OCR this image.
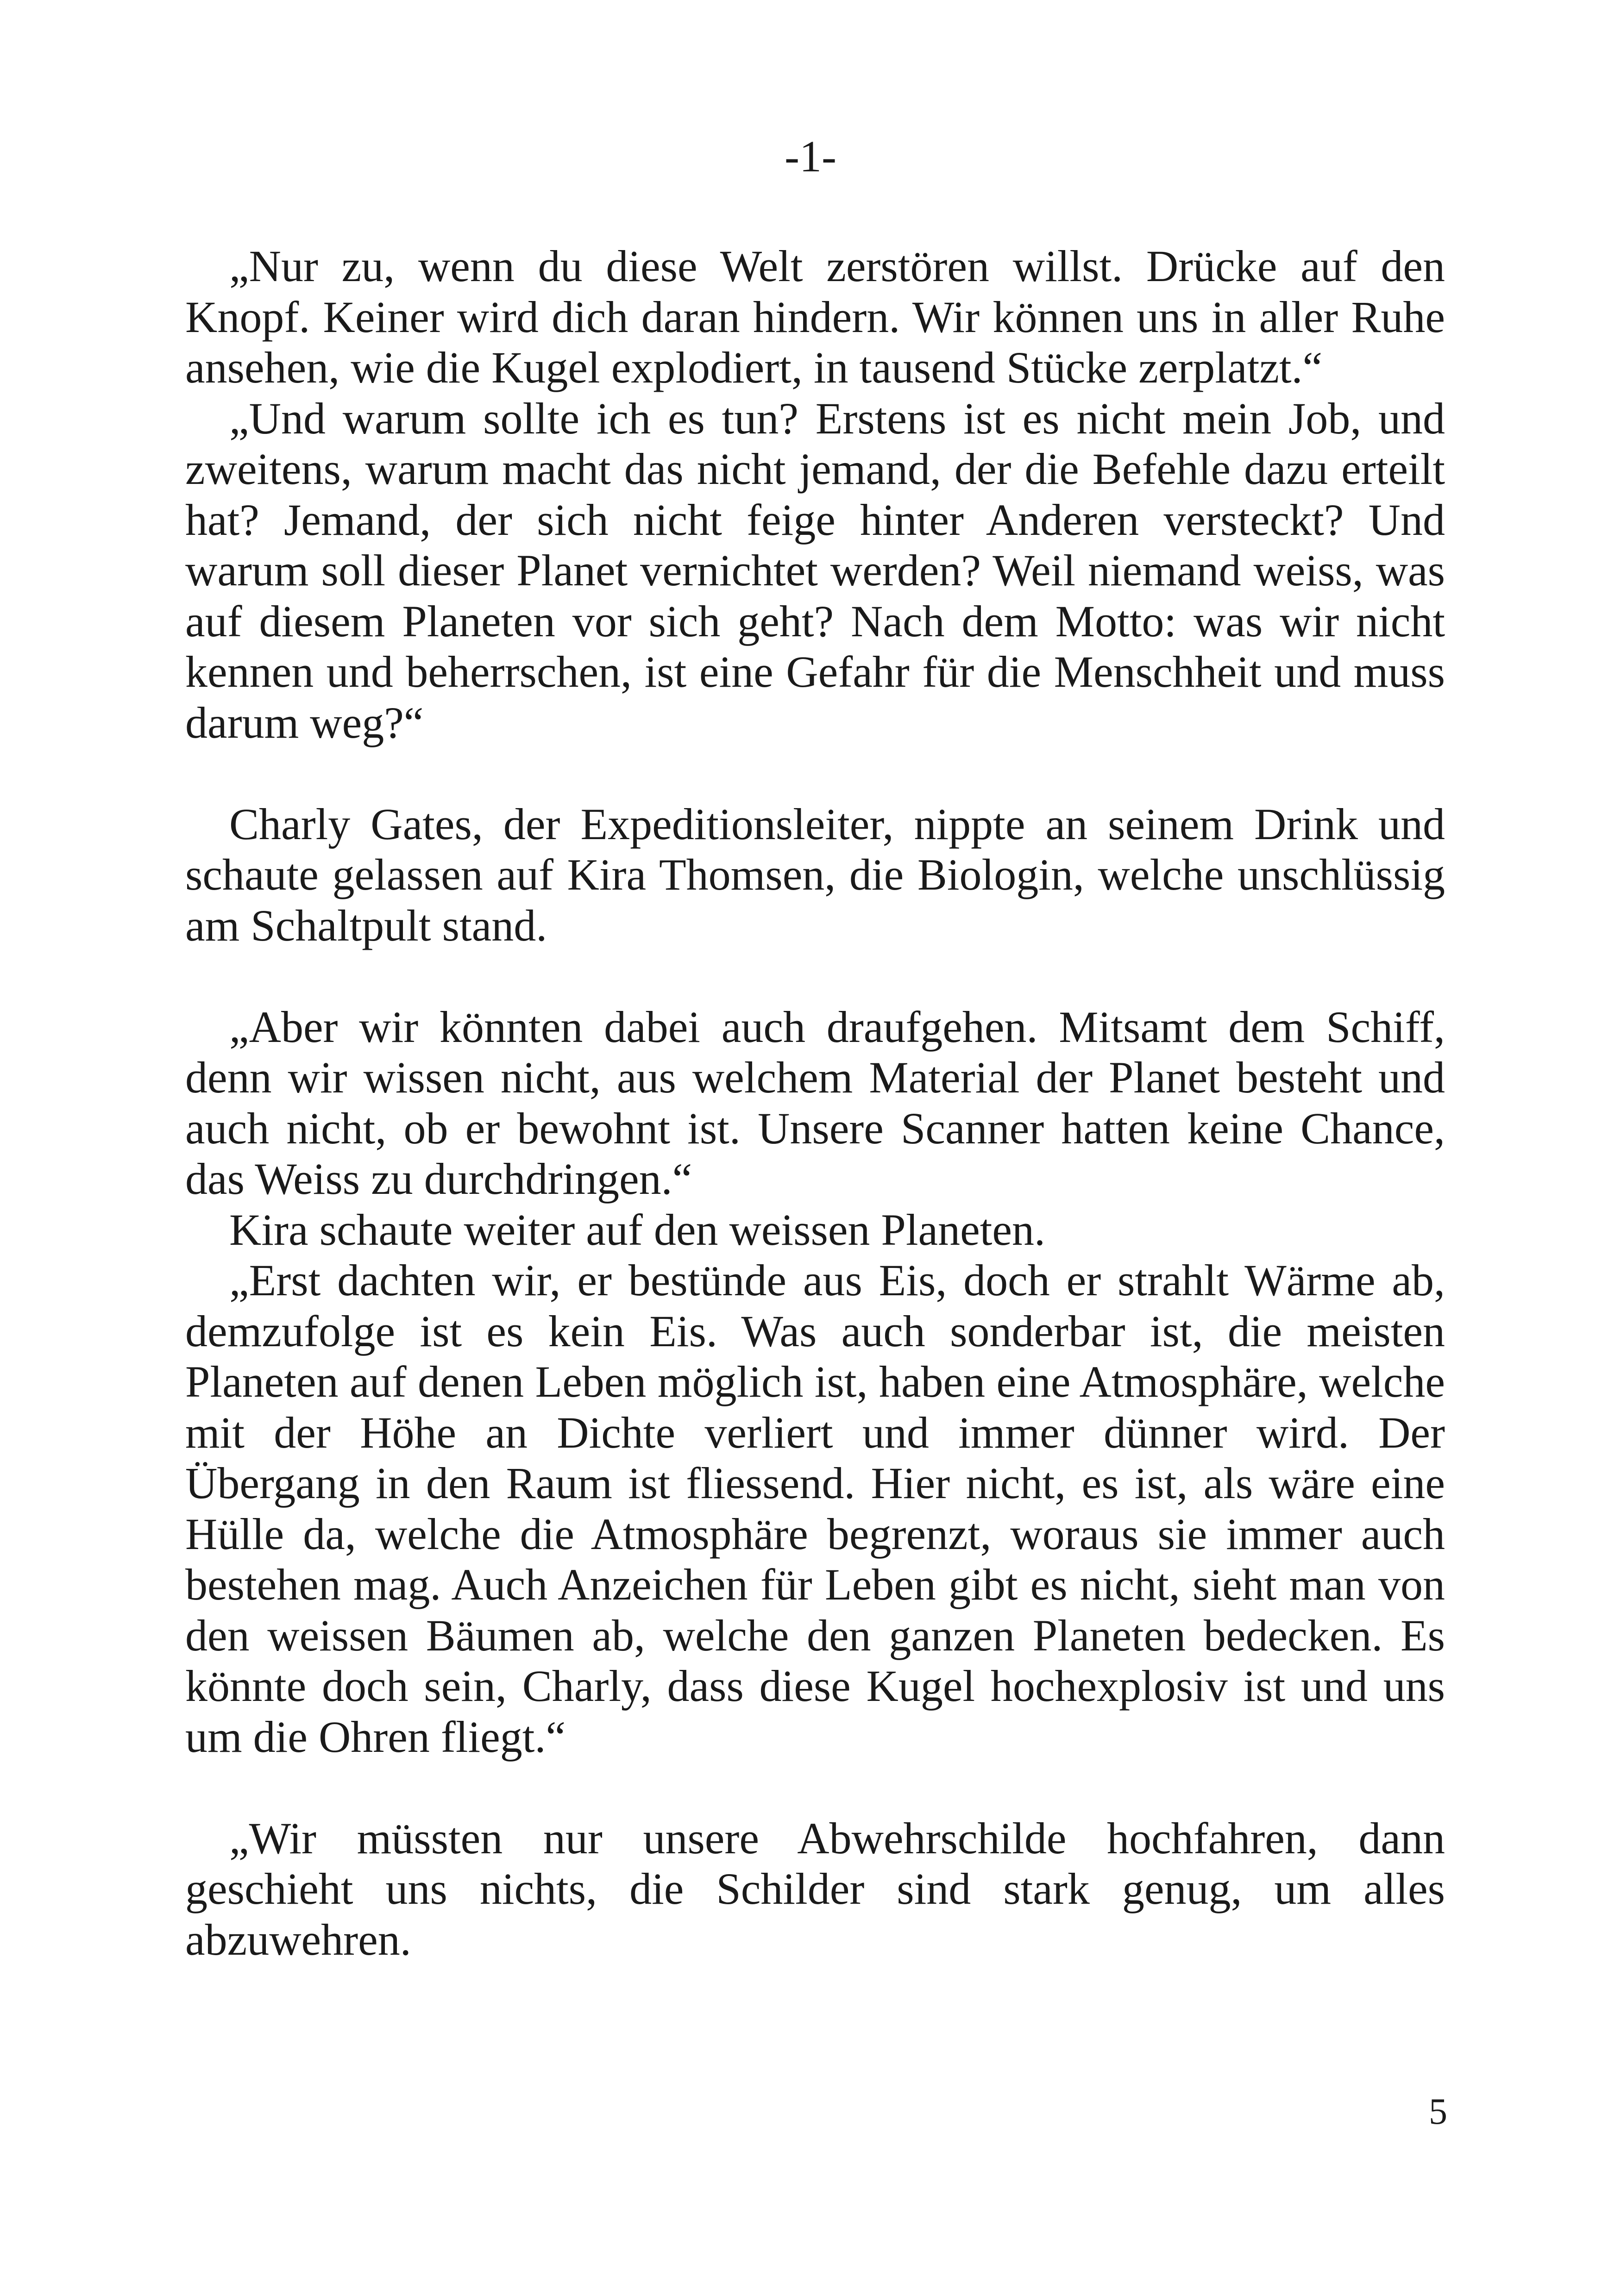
-1-

„Nur zu, wenn du diese Welt zerstören willst. Drücke auf den Knopf. Keiner wird dich daran hindern. Wir können uns in aller Ruhe ansehen, wie die Kugel explodiert, in tausend Stücke zerplatzt.“

„Und warum sollte ich es tun? Erstens ist es nicht mein Job, und zweitens, warum macht das nicht jemand, der die Befehle dazu erteilt hat? Jemand, der sich nicht feige hinter Anderen versteckt? Und warum soll dieser Planet vernichtet werden? Weil niemand weiss, was auf diesem Planeten vor sich geht? Nach dem Motto: was wir nicht kennen und beherrschen, ist eine Gefahr für die Menschheit und muss darum weg?“

Charly Gates, der Expeditionsleiter, nippte an seinem Drink und schaute gelassen auf Kira Thomsen, die Biologin, welche unschlüssig am Schaltpult stand.

„Aber wir könnten dabei auch draufgehen. Mitsamt dem Schiff, denn wir wissen nicht, aus welchem Material der Planet besteht und auch nicht, ob er bewohnt ist. Unsere Scanner hatten keine Chance, das Weiss zu durchdringen.“

Kira schaute weiter auf den weissen Planeten.

„Erst dachten wir, er bestünde aus Eis, doch er strahlt Wärme ab, demzufolge ist es kein Eis. Was auch sonderbar ist, die meisten Planeten auf denen Leben möglich ist, haben eine Atmosphäre, welche mit der Höhe an Dichte verliert und immer dünner wird. Der Übergang in den Raum ist fliessend. Hier nicht, es ist, als wäre eine Hülle da, welche die Atmosphäre begrenzt, woraus sie immer auch bestehen mag. Auch Anzeichen für Leben gibt es nicht, sieht man von den weissen Bäumen ab, welche den ganzen Planeten bedecken. Es könnte doch sein, Charly, dass diese Kugel hochexplosiv ist und uns um die Ohren fliegt.“

„Wir müssten nur unsere Abwehrschilde hochfahren, dann geschieht uns nichts, die Schilder sind stark genug, um alles abzuwehren.

5
